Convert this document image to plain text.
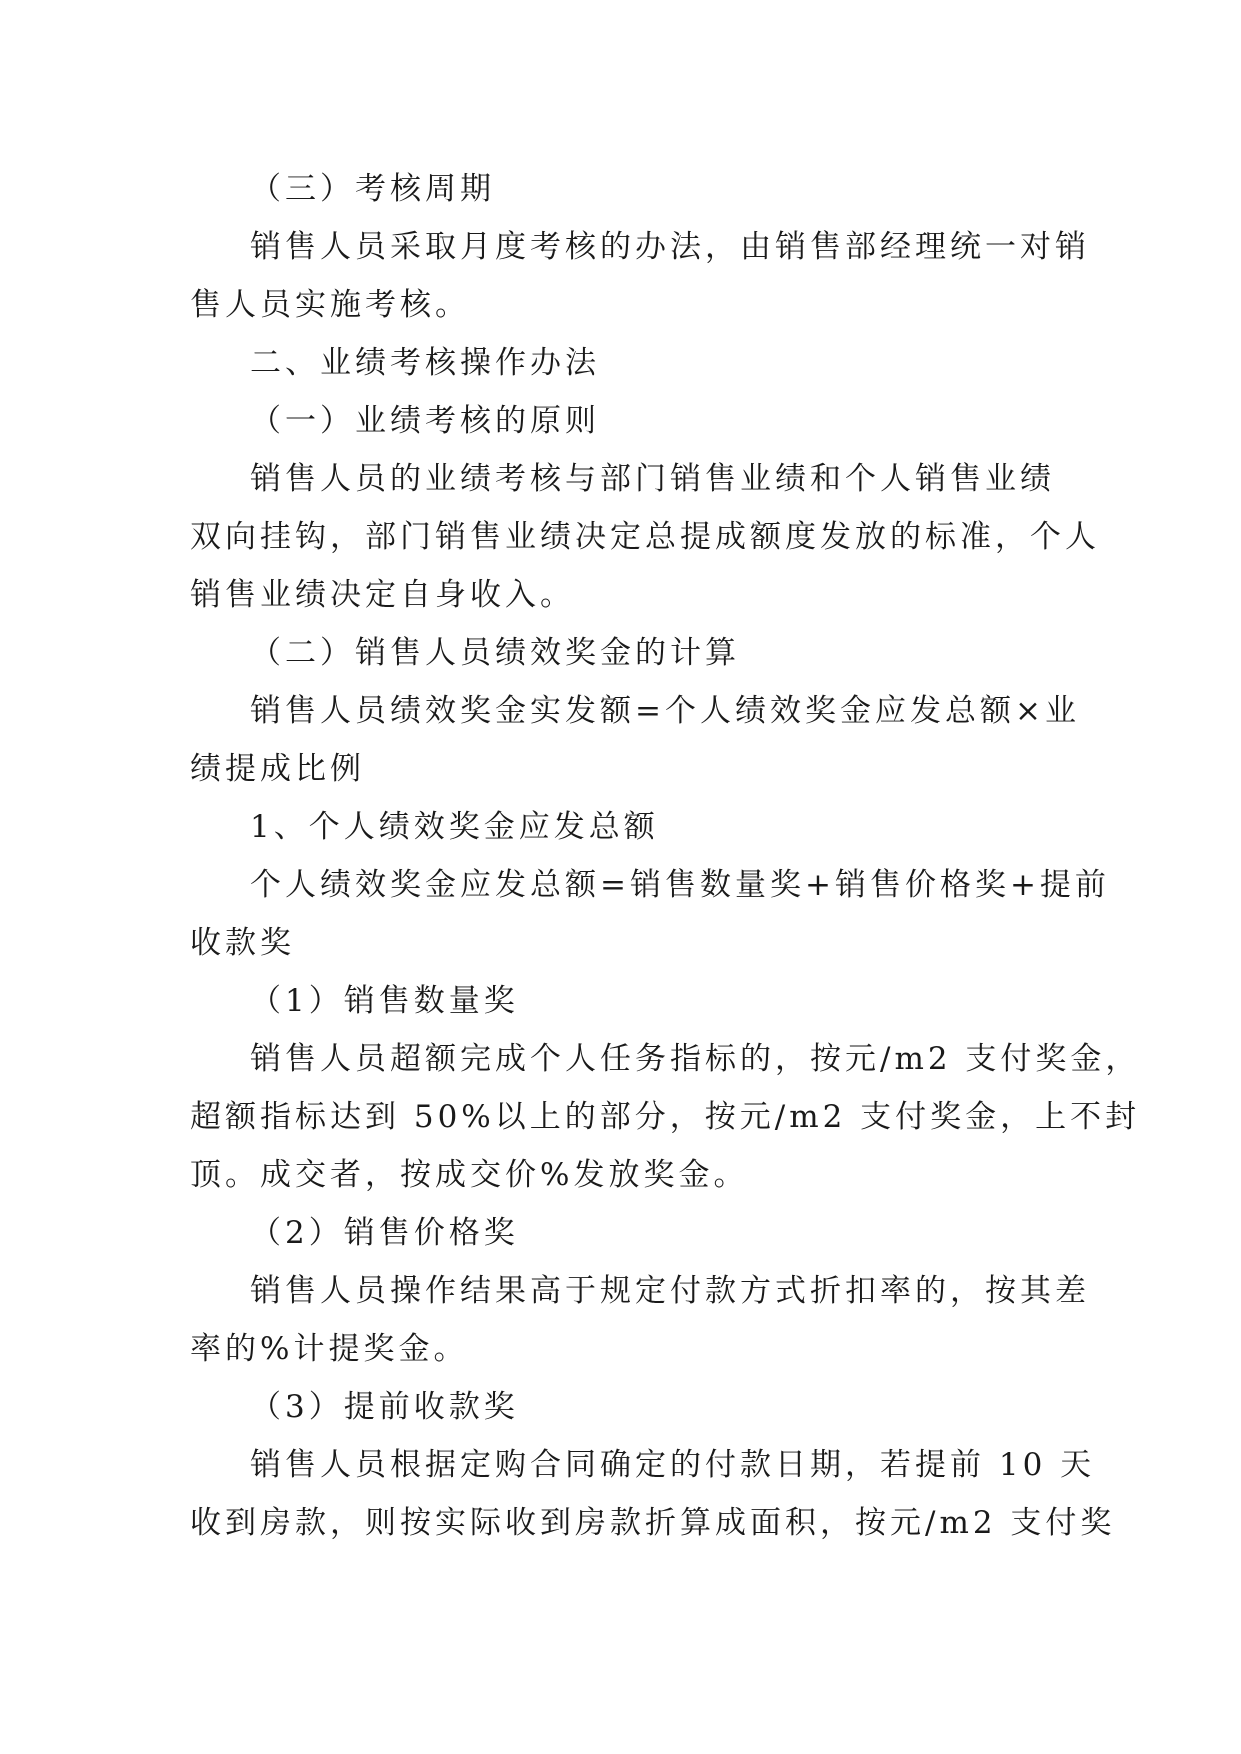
（三）考核周期
销售人员采取月度考核的办法，由销售部经理统一对销
售人员实施考核。
二、业绩考核操作办法
（一）业绩考核的原则
销售人员的业绩考核与部门销售业绩和个人销售业绩
双向挂钩，部门销售业绩决定总提成额度发放的标准，个人
销售业绩决定自身收入。
（二）销售人员绩效奖金的计算
销售人员绩效奖金实发额=个人绩效奖金应发总额×业
绩提成比例
1、个人绩效奖金应发总额
个人绩效奖金应发总额=销售数量奖+销售价格奖+提前
收款奖
（1）销售数量奖
销售人员超额完成个人任务指标的，按元/m2 支付奖金，
超额指标达到 50%以上的部分，按元/m2 支付奖金，上不封
顶。成交者，按成交价%发放奖金。
（2）销售价格奖
销售人员操作结果高于规定付款方式折扣率的，按其差
率的%计提奖金。
（3）提前收款奖
销售人员根据定购合同确定的付款日期，若提前 10 天
收到房款，则按实际收到房款折算成面积，按元/m2 支付奖
